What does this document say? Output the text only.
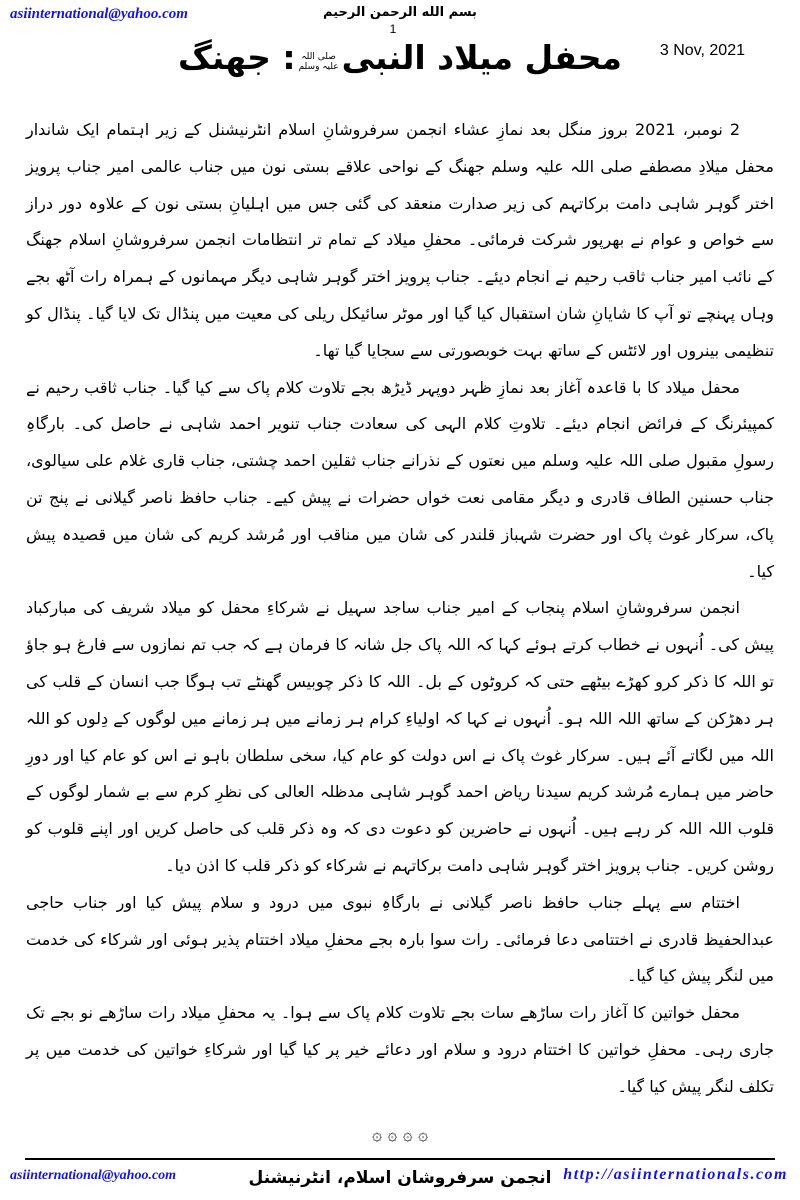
asiinternational@yahoo.com	بسم الله الرحمن الرحيم
1
3 Nov, 2021
محفل میلاد النبی
صلی اللہ
علیہ وسلم
: جھنگ

2 نومبر، 2021 بروز منگل بعد نمازِ عشاء انجمن سرفروشانِ اسلام انٹرنیشنل کے زیر اہتمام ایک شاندار محفل میلادِ مصطفے صلی اللہ علیہ وسلم جھنگ کے نواحی علاقے بستی نون میں جناب عالمی امیر جناب پرویز اختر گوہر شاہی دامت برکاتہم کی زیر صدارت منعقد کی گئی جس میں اہلیانِ بستی نون کے علاوہ دور دراز سے خواص و عوام نے بھرپور شرکت فرمائی۔ محفلِ میلاد کے تمام تر انتظامات انجمن سرفروشانِ اسلام جھنگ کے نائب امیر جناب ثاقب رحیم نے انجام دیئے۔ جناب پرویز اختر گوہر شاہی دیگر مہمانوں کے ہمراہ رات آٹھ بجے وہاں پہنچے تو آپ کا شایانِ شان استقبال کیا گیا اور موٹر سائیکل ریلی کی معیت میں پنڈال تک لایا گیا۔ پنڈال کو تنظیمی بینروں اور لائٹس کے ساتھ بہت خوبصورتی سے سجایا گیا تھا۔

محفل میلاد کا با قاعدہ آغاز بعد نمازِ ظہر دوپہر ڈیڑھ بجے تلاوت کلام پاک سے کیا گیا۔ جناب ثاقب رحیم نے کمپیئرنگ کے فرائض انجام دیئے۔ تلاوتِ کلام الہی کی سعادت جناب تنویر احمد شاہی نے حاصل کی۔ بارگاہِ رسولِ مقبول صلی اللہ علیہ وسلم میں نعتوں کے نذرانے جناب ثقلین احمد چشتی، جناب قاری غلام علی سیالوی، جناب حسنین الطاف قادری و دیگر مقامی نعت خواں حضرات نے پیش کیے۔ جناب حافظ ناصر گیلانی نے پنج تن پاک، سرکار غوث پاک اور حضرت شہباز قلندر کی شان میں مناقب اور مُرشد کریم کی شان میں قصیدہ پیش کیا۔

انجمن سرفروشانِ اسلام پنجاب کے امیر جناب ساجد سہیل نے شرکاءِ محفل کو میلاد شریف کی مبارکباد پیش کی۔ اُنہوں نے خطاب کرتے ہوئے کہا کہ اللہ پاک جل شانہ کا فرمان ہے کہ جب تم نمازوں سے فارغ ہو جاؤ تو اللہ کا ذکر کرو کھڑے بیٹھے حتی کہ کروٹوں کے بل۔ اللہ کا ذکر چوبیس گھنٹے تب ہوگا جب انسان کے قلب کی ہر دھڑکن کے ساتھ اللہ اللہ ہو۔ اُنہوں نے کہا کہ اولیاءِ کرام ہر زمانے میں ہر زمانے میں لوگوں کے دِلوں کو اللہ اللہ میں لگاتے آئے ہیں۔ سرکار غوث پاک نے اس دولت کو عام کیا، سخی سلطان باہو نے اس کو عام کیا اور دورِ حاضر میں ہمارے مُرشد کریم سیدنا ریاض احمد گوہر شاہی مدظلہ العالی کی نظرِ کرم سے بے شمار لوگوں کے قلوب اللہ اللہ کر رہے ہیں۔ اُنہوں نے حاضرین کو دعوت دی کہ وہ ذکر قلب کی حاصل کریں اور اپنے قلوب کو روشن کریں۔ جناب پرویز اختر گوہر شاہی دامت برکاتہم نے شرکاء کو ذکر قلب کا اذن دیا۔

اختتام سے پہلے جناب حافظ ناصر گیلانی نے بارگاہِ نبوی میں درود و سلام پیش کیا اور جناب حاجی عبدالحفیظ قادری نے اختتامی دعا فرمائی۔ رات سوا بارہ بجے محفلِ میلاد اختتام پذیر ہوئی اور شرکاء کی خدمت میں لنگر پیش کیا گیا۔

محفل خواتین کا آغاز رات ساڑھے سات بجے تلاوت کلام پاک سے ہوا۔ یہ محفلِ میلاد رات ساڑھے نو بجے تک جاری رہی۔ محفلِ خواتین کا اختتام درود و سلام اور دعائے خیر پر کیا گیا اور شرکاءِ خواتین کی خدمت میں پر تکلف لنگر پیش کیا گیا۔

۞ ۞ ۞ ۞
انجمن سرفروشان اسلام، انٹرنیشنل
asiinternational@yahoo.com	http://asiinternationals.com
